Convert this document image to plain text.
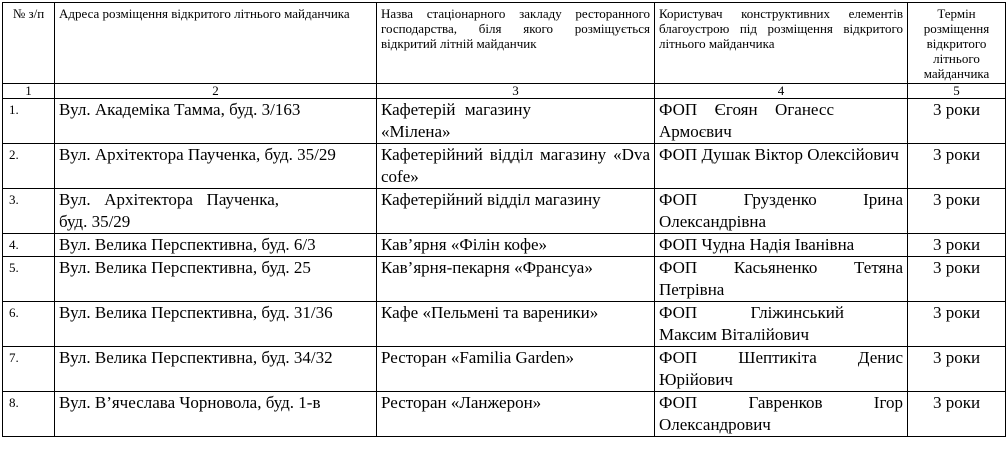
№ з/п	Адреса розміщення відкритого літнього майданчика	Назва стаціонарного закладу ресторанного господарства, біля якого розміщується відкритий літній майданчик	Користувач конструктивних елементів благоустрою під розміщення відкритого літнього майданчика	Термін розміщення відкритого літнього майданчика
1	2	3	4	5
1.	Вул. Академіка Тамма, буд. 3/163	Кафетерій магазину «Мілена»	ФОП Єгоян Оганесс Армоєвич	3 роки
2.	Вул. Архітектора Паученка, буд. 35/29	Кафетерійний відділ магазину «Dva cofe»	ФОП Душак Віктор Олексійович	3 роки
3.	Вул. Архітектора Паученка, буд. 35/29	Кафетерійний відділ магазину	ФОП Грузденко Ірина Олександрівна	3 роки
4.	Вул. Велика Перспективна, буд. 6/3	Кав’ярня «Філін кофе»	ФОП Чудна Надія Іванівна	3 роки
5.	Вул. Велика Перспективна, буд. 25	Кав’ярня-пекарня «Франсуа»	ФОП Касьяненко Тетяна Петрівна	3 роки
6.	Вул. Велика Перспективна, буд. 31/36	Кафе «Пельмені та вареники»	ФОП Гліжинський Максим Віталійович	3 роки
7.	Вул. Велика Перспективна, буд. 34/32	Ресторан «Familia Garden»	ФОП Шептикіта Денис Юрійович	3 роки
8.	Вул. В’ячеслава Чорновола, буд. 1-в	Ресторан «Ланжерон»	ФОП Гавренков Ігор Олександрович	3 роки
